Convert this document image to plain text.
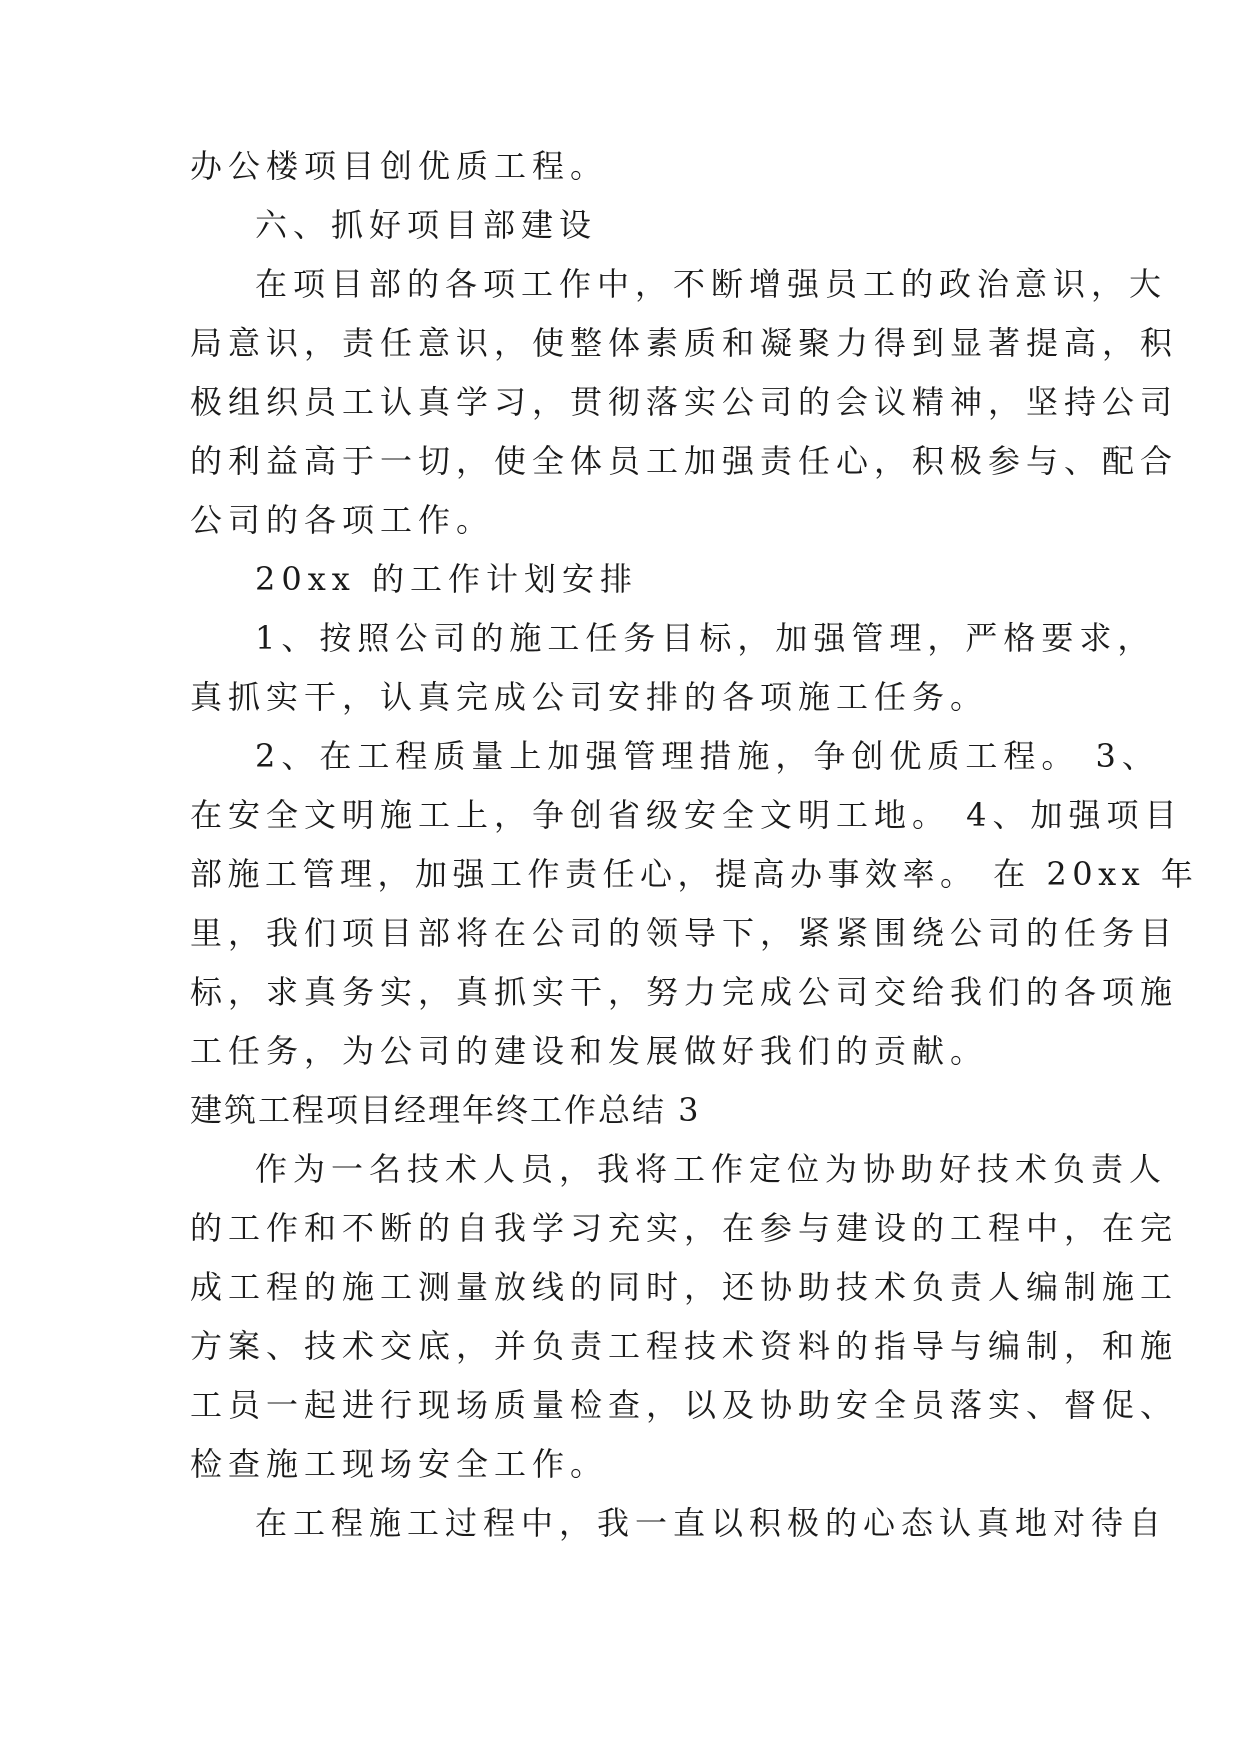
办公楼项目创优质工程。
六、抓好项目部建设
在项目部的各项工作中，不断增强员工的政治意识，大
局意识，责任意识，使整体素质和凝聚力得到显著提高，积
极组织员工认真学习，贯彻落实公司的会议精神，坚持公司
的利益高于一切，使全体员工加强责任心，积极参与、配合
公司的各项工作。
20xx 的工作计划安排
1、按照公司的施工任务目标，加强管理，严格要求，
真抓实干，认真完成公司安排的各项施工任务。
2、在工程质量上加强管理措施，争创优质工程。 3、
在安全文明施工上，争创省级安全文明工地。 4、加强项目
部施工管理，加强工作责任心，提高办事效率。 在 20xx 年
里，我们项目部将在公司的领导下，紧紧围绕公司的任务目
标，求真务实，真抓实干，努力完成公司交给我们的各项施
工任务，为公司的建设和发展做好我们的贡献。
建筑工程项目经理年终工作总结 3
作为一名技术人员，我将工作定位为协助好技术负责人
的工作和不断的自我学习充实，在参与建设的工程中，在完
成工程的施工测量放线的同时，还协助技术负责人编制施工
方案、技术交底，并负责工程技术资料的指导与编制，和施
工员一起进行现场质量检查，以及协助安全员落实、督促、
检查施工现场安全工作。
在工程施工过程中，我一直以积极的心态认真地对待自
